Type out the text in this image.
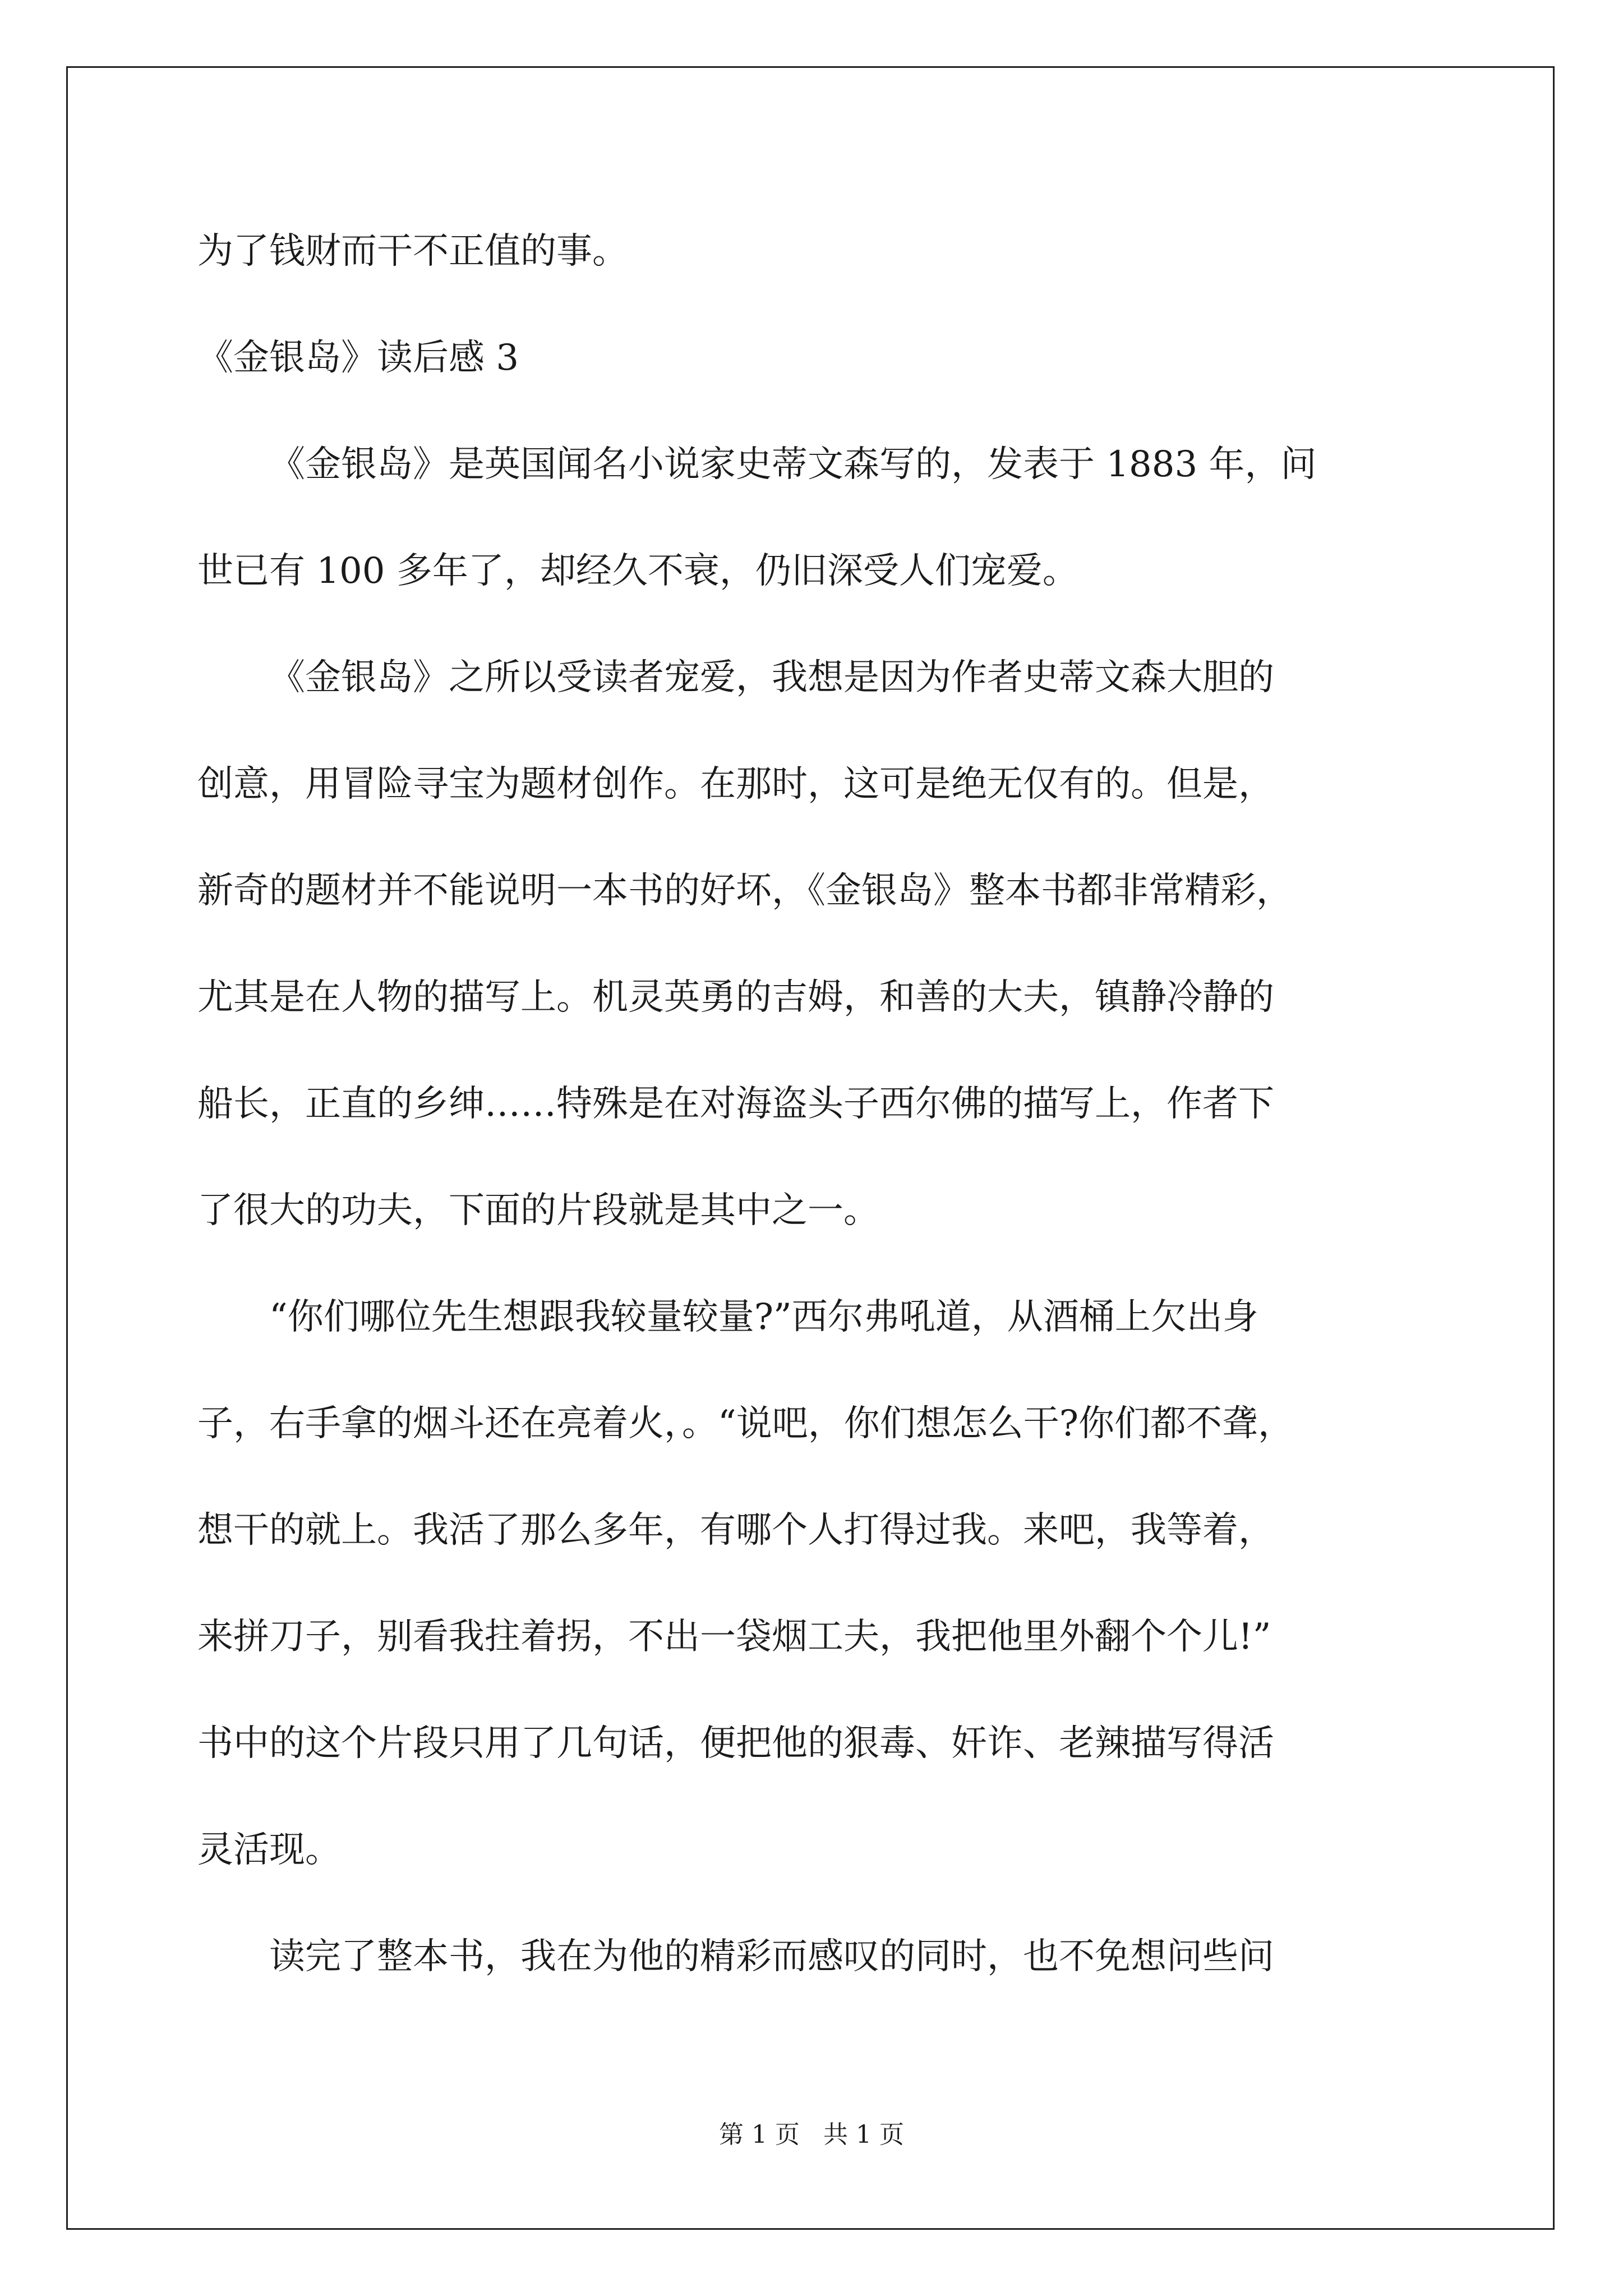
为了钱财而干不正值的事。
《金银岛》读后感 3
《金银岛》是英国闻名小说家史蒂文森写的，发表于 1883 年，问
世已有 100 多年了，却经久不衰，仍旧深受人们宠爱。
《金银岛》之所以受读者宠爱，我想是因为作者史蒂文森大胆的
创意，用冒险寻宝为题材创作。在那时，这可是绝无仅有的。但是，
新奇的题材并不能说明一本书的好坏，《金银岛》整本书都非常精彩，
尤其是在人物的描写上。机灵英勇的吉姆，和善的大夫，镇静冷静的
船长，正直的乡绅……特殊是在对海盗头子西尔佛的描写上，作者下
了很大的功夫，下面的片段就是其中之一。
“你们哪位先生想跟我较量较量?”西尔弗吼道，从酒桶上欠出身
子，右手拿的烟斗还在亮着火，。“说吧，你们想怎么干?你们都不聋，
想干的就上。我活了那么多年，有哪个人打得过我。来吧，我等着，
来拼刀子，别看我拄着拐，不出一袋烟工夫，我把他里外翻个个儿!”
书中的这个片段只用了几句话，便把他的狠毒、奸诈、老辣描写得活
灵活现。
读完了整本书，我在为他的精彩而感叹的同时，也不免想问些问
第 1 页   共 1 页
